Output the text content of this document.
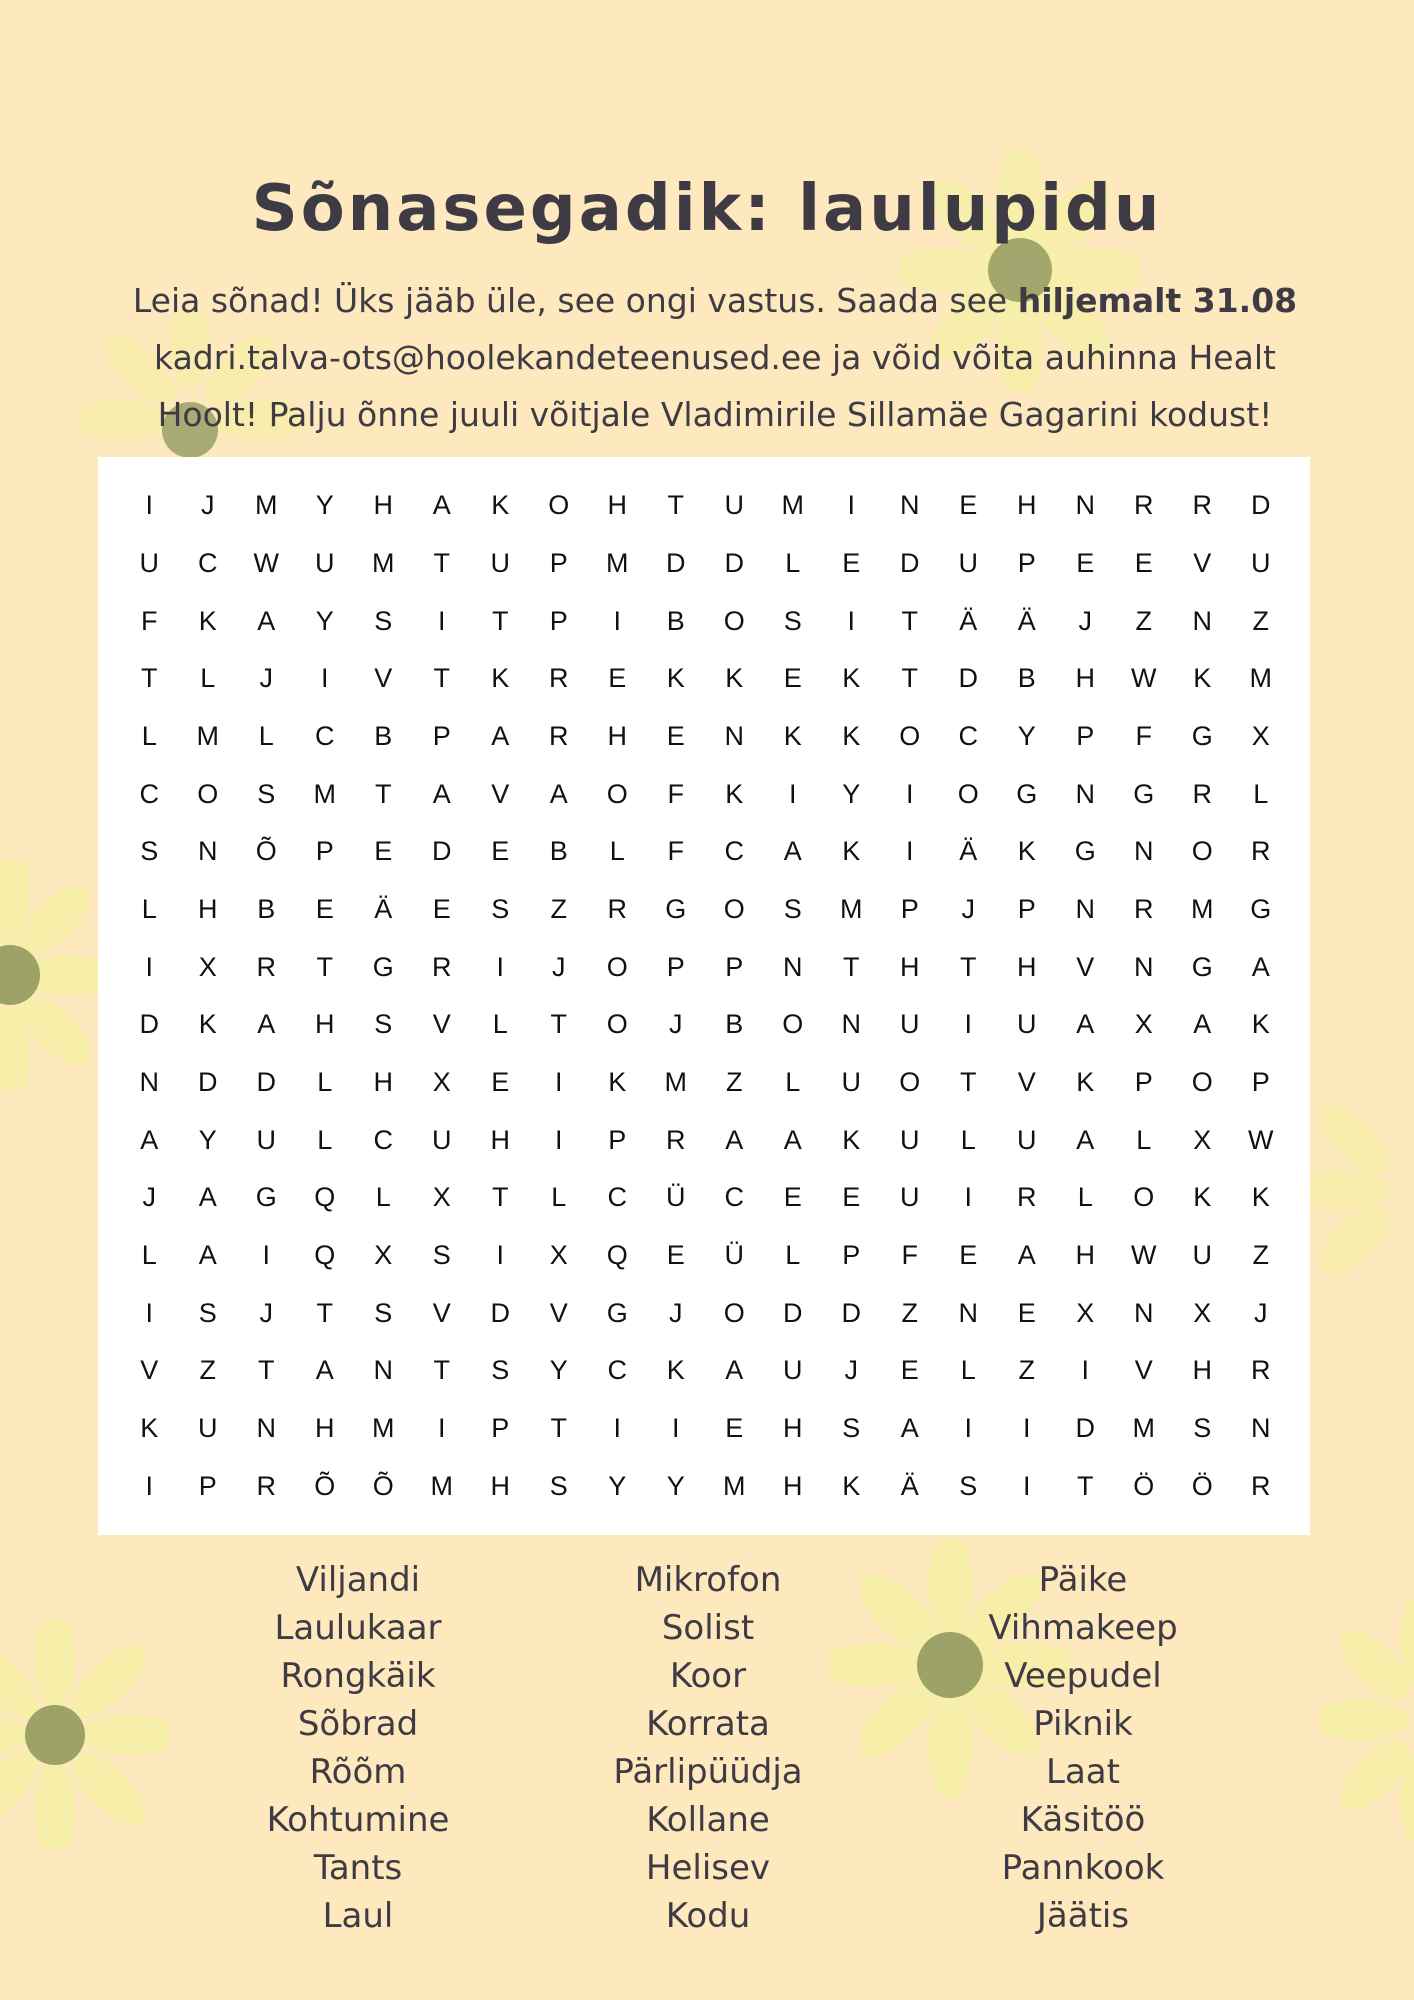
Sõnasegadik: laulupidu

Leia sõnad! Üks jääb üle, see ongi vastus. Saada see hiljemalt 31.08
kadri.talva-ots@hoolekandeteenused.ee ja võid võita auhinna Healt
Hoolt! Palju õnne juuli võitjale Vladimirile Sillamäe Gagarini kodust!

I	J	M	Y	H	A	K	O	H	T	U	M	I	N	E	H	N	R	R	D
U	C	W	U	M	T	U	P	M	D	D	L	E	D	U	P	E	E	V	U
F	K	A	Y	S	I	T	P	I	B	O	S	I	T	Ä	Ä	J	Z	N	Z
T	L	J	I	V	T	K	R	E	K	K	E	K	T	D	B	H	W	K	M
L	M	L	C	B	P	A	R	H	E	N	K	K	O	C	Y	P	F	G	X
C	O	S	M	T	A	V	A	O	F	K	I	Y	I	O	G	N	G	R	L
S	N	Õ	P	E	D	E	B	L	F	C	A	K	I	Ä	K	G	N	O	R
L	H	B	E	Ä	E	S	Z	R	G	O	S	M	P	J	P	N	R	M	G
I	X	R	T	G	R	I	J	O	P	P	N	T	H	T	H	V	N	G	A
D	K	A	H	S	V	L	T	O	J	B	O	N	U	I	U	A	X	A	K
N	D	D	L	H	X	E	I	K	M	Z	L	U	O	T	V	K	P	O	P
A	Y	U	L	C	U	H	I	P	R	A	A	K	U	L	U	A	L	X	W
J	A	G	Q	L	X	T	L	C	Ü	C	E	E	U	I	R	L	O	K	K
L	A	I	Q	X	S	I	X	Q	E	Ü	L	P	F	E	A	H	W	U	Z
I	S	J	T	S	V	D	V	G	J	O	D	D	Z	N	E	X	N	X	J
V	Z	T	A	N	T	S	Y	C	K	A	U	J	E	L	Z	I	V	H	R
K	U	N	H	M	I	P	T	I	I	E	H	S	A	I	I	D	M	S	N
I	P	R	Õ	Õ	M	H	S	Y	Y	M	H	K	Ä	S	I	T	Ö	Ö	R
Viljandi
Laulukaar
Rongkäik
Sõbrad
Rõõm
Kohtumine
Tants
Laul
Mikrofon
Solist
Koor
Korrata
Pärlipüüdja
Kollane
Helisev
Kodu
Päike
Vihmakeep
Veepudel
Piknik
Laat
Käsitöö
Pannkook
Jäätis
